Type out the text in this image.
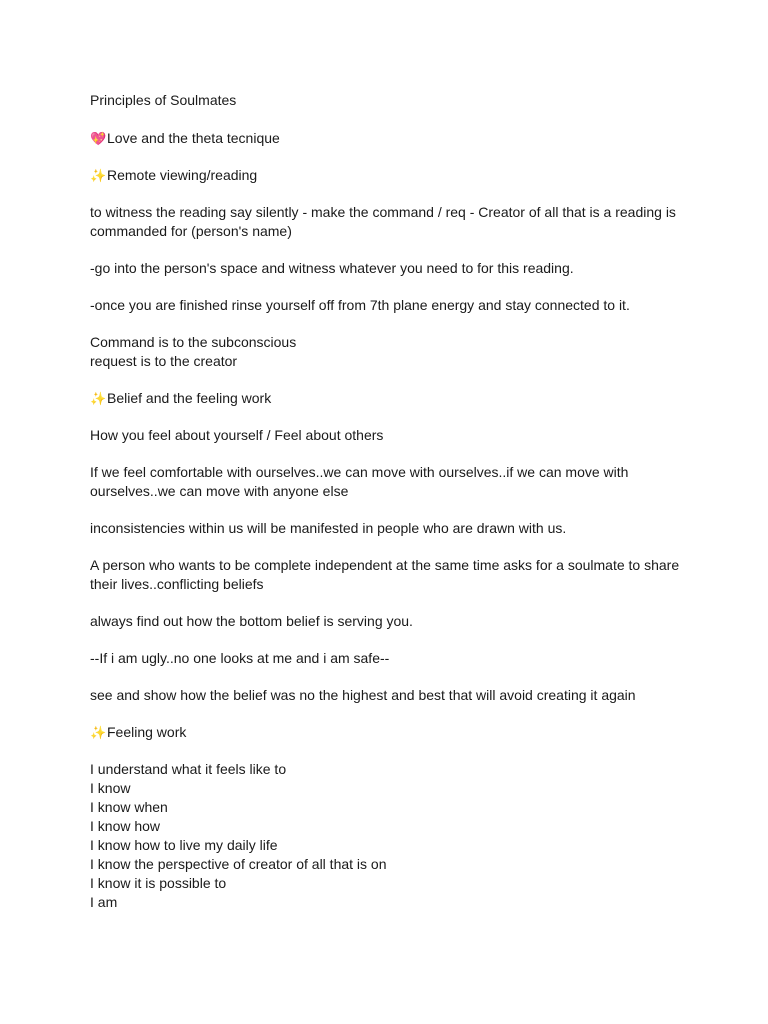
Principles of Soulmates

💖Love and the theta tecnique

✨Remote viewing/reading

to witness the reading say silently - make the command / req - Creator of all that is a reading is commanded for (person's name)

-go into the person's space and witness whatever you need to for this reading.

-once you are finished rinse yourself off from 7th plane energy and stay connected to it.

Command is to the subconscious
request is to the creator

✨Belief and the feeling work

How you feel about yourself / Feel about others

If we feel comfortable with ourselves..we can move with ourselves..if we can move with ourselves..we can move with anyone else

inconsistencies within us will be manifested in people who are drawn with us.

A person who wants to be complete independent at the same time asks for a soulmate to share their lives..conflicting beliefs

always find out how the bottom belief is serving you.

--If i am ugly..no one looks at me and i am safe--

see and show how the belief was no the highest and best that will avoid creating it again

✨Feeling work

I understand what it feels like to
I know
I know when
I know how
I know how to live my daily life
I know the perspective of creator of all that is on
I know it is possible to
I am
